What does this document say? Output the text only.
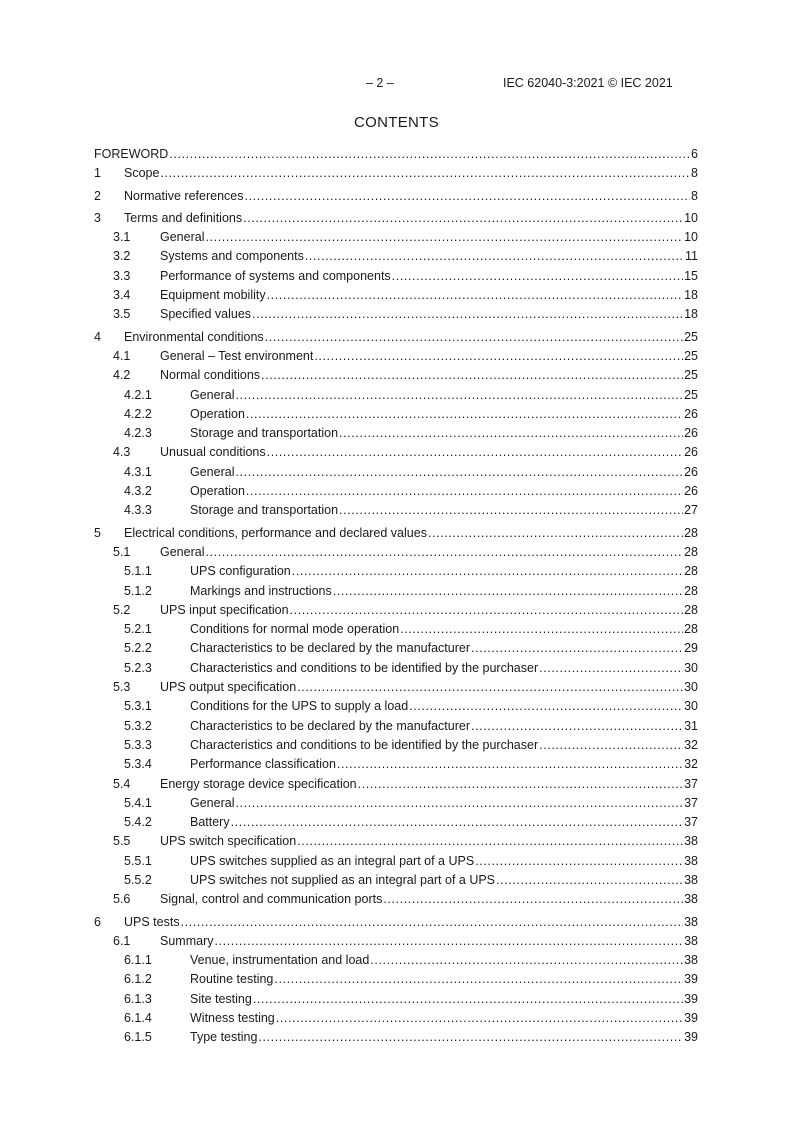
– 2 –	IEC 62040-3:2021 © IEC 2021
CONTENTS
FOREWORD .....	6
1 Scope .....	8
2 Normative references .....	8
3 Terms and definitions .....	10
3.1 General .....	10
3.2 Systems and components .....	11
3.3 Performance of systems and components .....	15
3.4 Equipment mobility .....	18
3.5 Specified values .....	18
4 Environmental conditions .....	25
4.1 General – Test environment .....	25
4.2 Normal conditions .....	25
4.2.1	General .....	25
4.2.2	Operation .....	26
4.2.3	Storage and transportation .....	26
4.3 Unusual conditions .....	26
4.3.1	General .....	26
4.3.2	Operation .....	26
4.3.3	Storage and transportation .....	27
5 Electrical conditions, performance and declared values .....	28
5.1 General .....	28
5.1.1	UPS configuration .....	28
5.1.2	Markings and instructions .....	28
5.2 UPS input specification .....	28
5.2.1	Conditions for normal mode operation .....	28
5.2.2	Characteristics to be declared by the manufacturer .....	29
5.2.3	Characteristics and conditions to be identified by the purchaser .....	30
5.3 UPS output specification .....	30
5.3.1	Conditions for the UPS to supply a load .....	30
5.3.2	Characteristics to be declared by the manufacturer .....	31
5.3.3	Characteristics and conditions to be identified by the purchaser .....	32
5.3.4	Performance classification .....	32
5.4 Energy storage device specification .....	37
5.4.1	General .....	37
5.4.2	Battery .....	37
5.5 UPS switch specification .....	38
5.5.1	UPS switches supplied as an integral part of a UPS .....	38
5.5.2	UPS switches not supplied as an integral part of a UPS .....	38
5.6 Signal, control and communication ports .....	38
6 UPS tests .....	38
6.1 Summary .....	38
6.1.1	Venue, instrumentation and load .....	38
6.1.2	Routine testing .....	39
6.1.3	Site testing .....	39
6.1.4	Witness testing .....	39
6.1.5	Type testing .....	39
